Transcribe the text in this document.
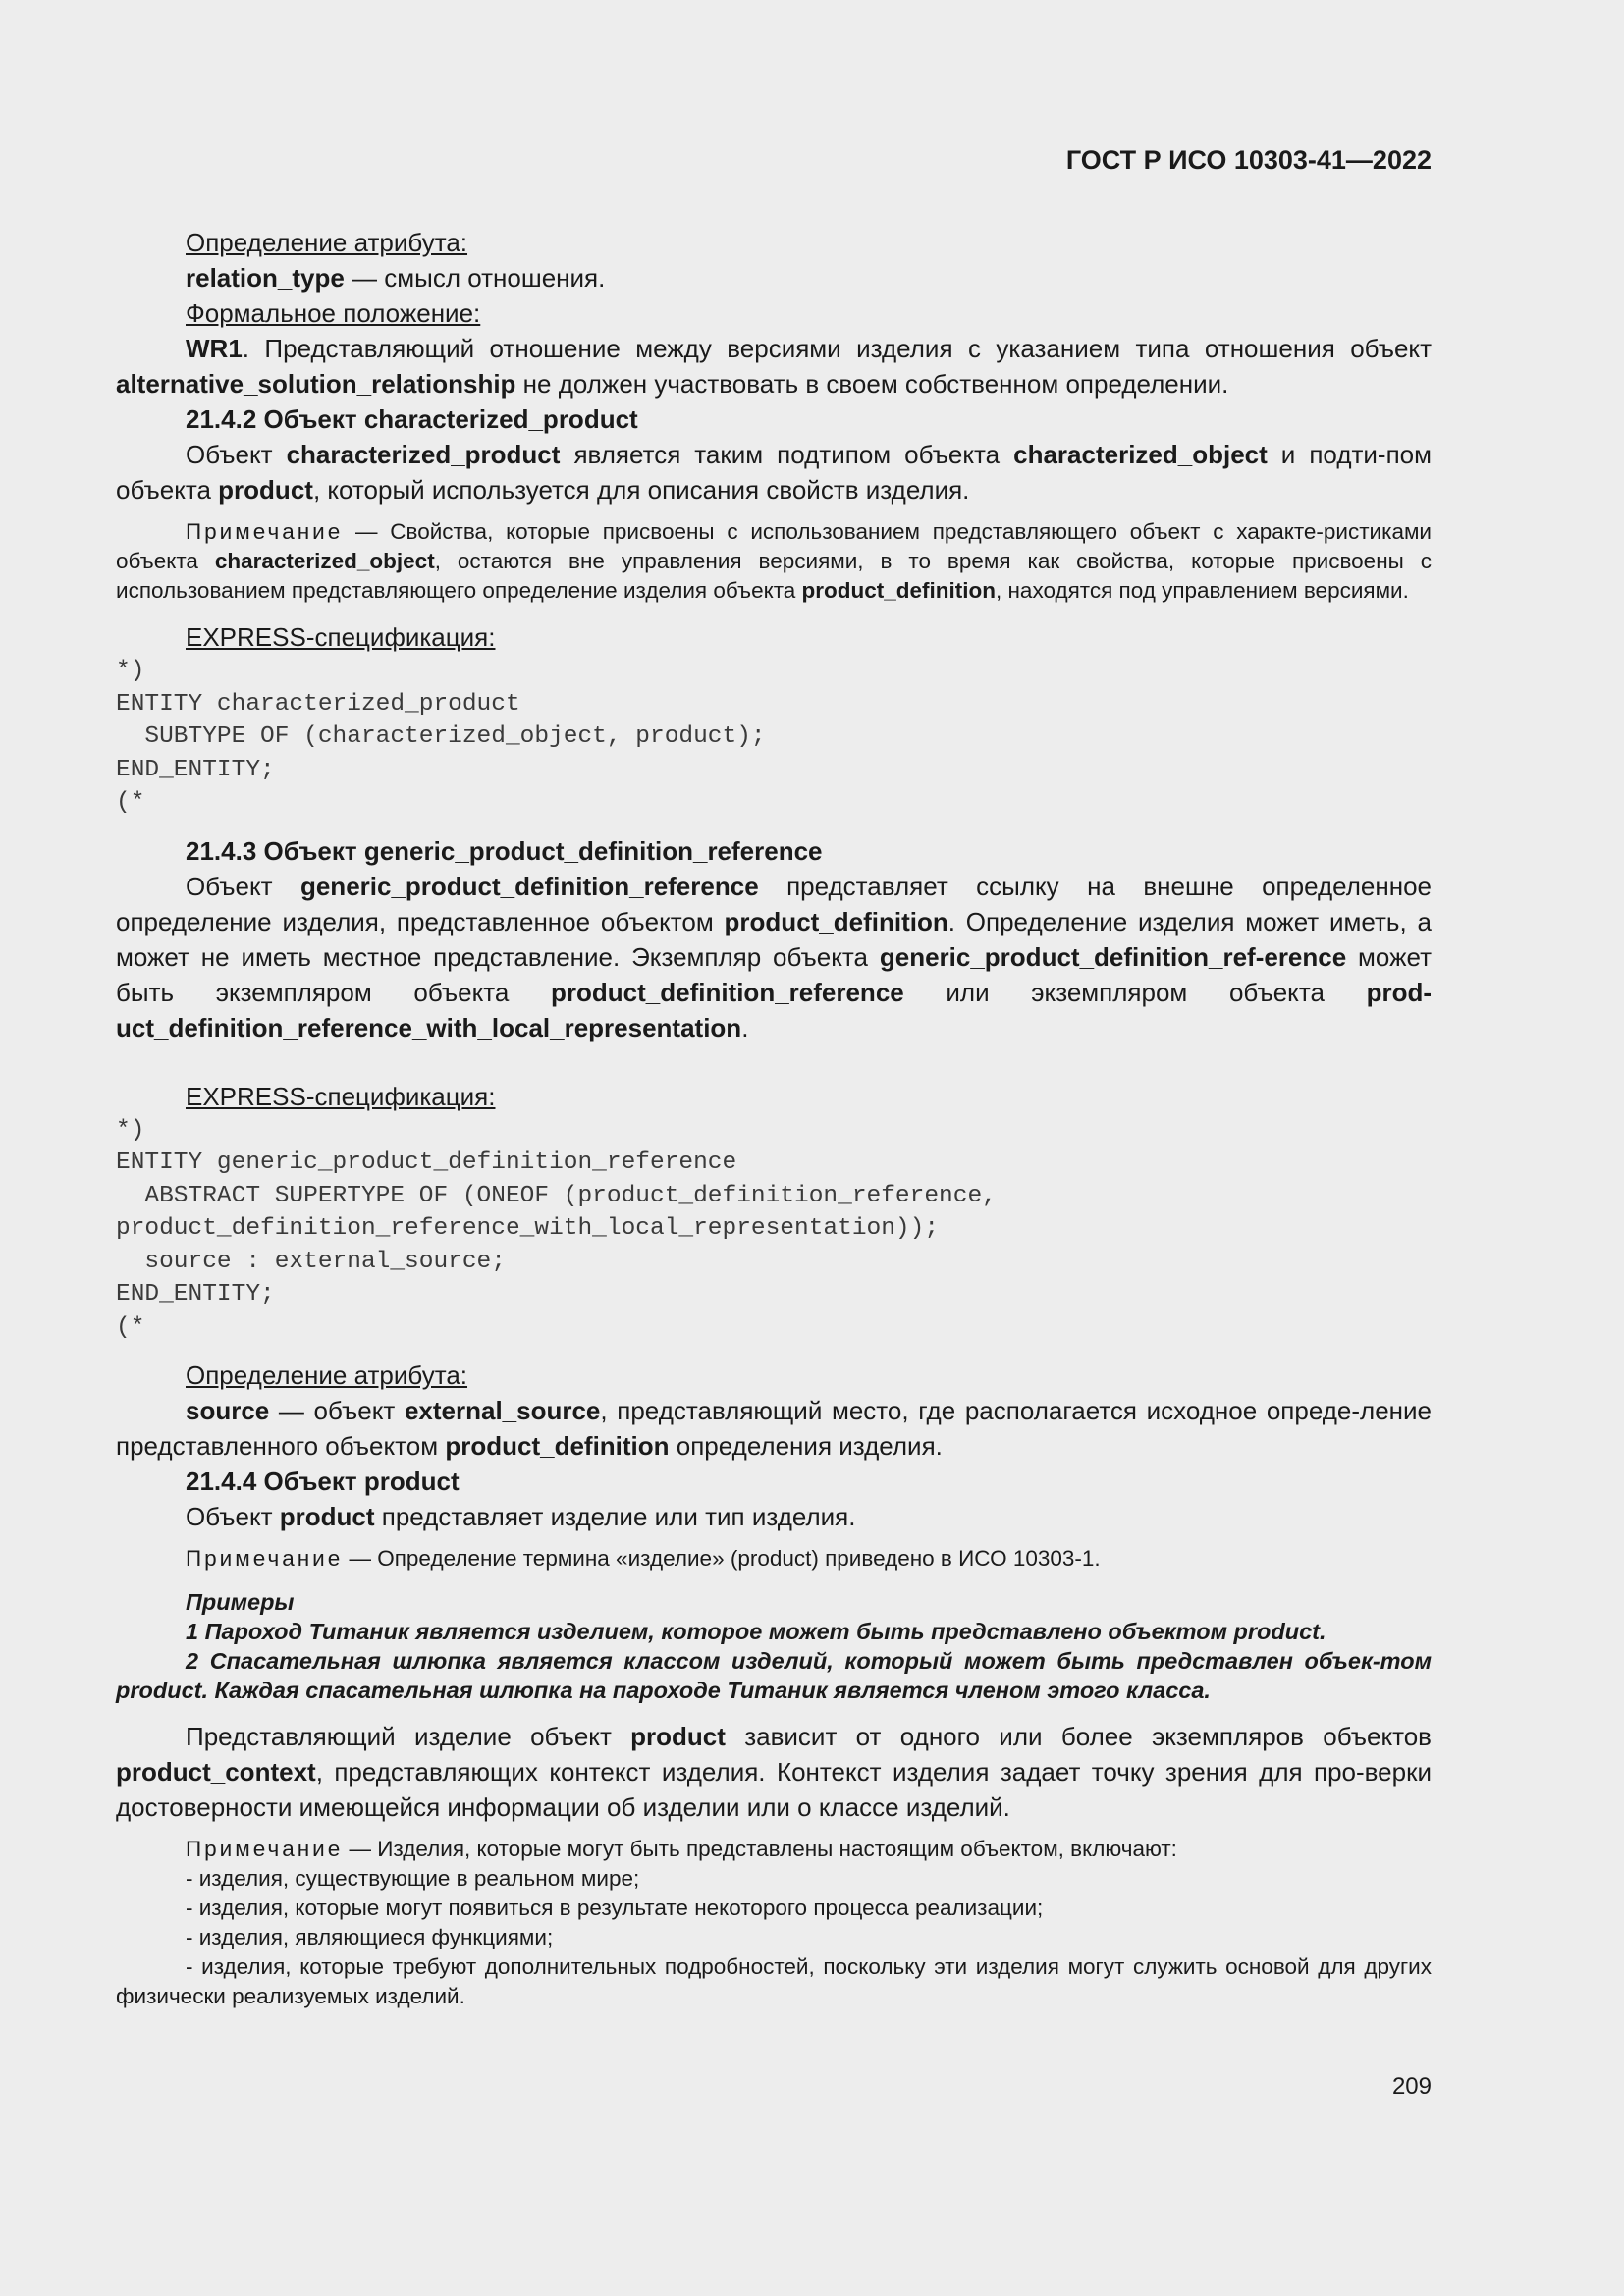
ГОСТ Р ИСО 10303-41—2022

Определение атрибута:

relation_type — смысл отношения.

Формальное положение:

WR1. Представляющий отношение между версиями изделия с указанием типа отношения объект alternative_solution_relationship не должен участвовать в своем собственном определении.

21.4.2 Объект characterized_product

Объект characterized_product является таким подтипом объекта characterized_object и подти-пом объекта product, который используется для описания свойств изделия.

Примечание — Свойства, которые присвоены с использованием представляющего объект с характе-ристиками объекта characterized_object, остаются вне управления версиями, в то время как свойства, которые присвоены с использованием представляющего определение изделия объекта product_definition, находятся под управлением версиями.

EXPRESS-спецификация:

*)
ENTITY characterized_product
SUBTYPE OF (characterized_object, product);
END_ENTITY;
(*

21.4.3 Объект generic_product_definition_reference

Объект generic_product_definition_reference представляет ссылку на внешне определенное определение изделия, представленное объектом product_definition. Определение изделия может иметь, а может не иметь местное представление. Экземпляр объекта generic_product_definition_ref-erence может быть экземпляром объекта product_definition_reference или экземпляром объекта prod-uct_definition_reference_with_local_representation.

EXPRESS-спецификация:

*)
ENTITY generic_product_definition_reference
ABSTRACT SUPERTYPE OF (ONEOF (product_definition_reference,
product_definition_reference_with_local_representation));
source : external_source;
END_ENTITY;
(*

Определение атрибута:

source — объект external_source, представляющий место, где располагается исходное опреде-ление представленного объектом product_definition определения изделия.

21.4.4 Объект product

Объект product представляет изделие или тип изделия.

Примечание — Определение термина «изделие» (product) приведено в ИСО 10303-1.

Примеры

1 Пароход Титаник является изделием, которое может быть представлено объектом product.

2 Спасательная шлюпка является классом изделий, который может быть представлен объек-том product. Каждая спасательная шлюпка на пароходе Титаник является членом этого класса.

Представляющий изделие объект product зависит от одного или более экземпляров объектов product_context, представляющих контекст изделия. Контекст изделия задает точку зрения для про-верки достоверности имеющейся информации об изделии или о классе изделий.

Примечание — Изделия, которые могут быть представлены настоящим объектом, включают:

- изделия, существующие в реальном мире;

- изделия, которые могут появиться в результате некоторого процесса реализации;

- изделия, являющиеся функциями;

- изделия, которые требуют дополнительных подробностей, поскольку эти изделия могут служить основой для других физически реализуемых изделий.

209
